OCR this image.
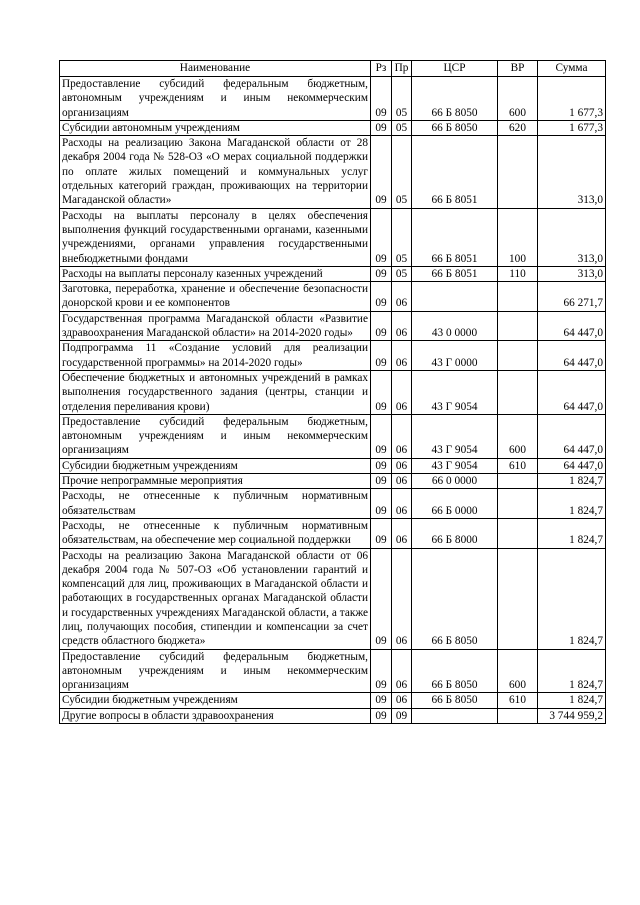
Наименование	Рз	Пр	ЦСР	ВР	Сумма
Предоставление субсидий федеральным бюджетным, автономным учреждениям и иным некоммерческим организациям	09	05	66 Б 8050	600	1 677,3
Субсидии автономным учреждениям	09	05	66 Б 8050	620	1 677,3
Расходы на реализацию Закона Магаданской области от 28 декабря 2004 года № 528-ОЗ «О мерах социальной поддержки по оплате жилых помещений и коммунальных услуг отдельных категорий граждан, проживающих на территории Магаданской области»	09	05	66 Б 8051		313,0
Расходы на выплаты персоналу в целях обеспечения выполнения функций государственными органами, казенными учреждениями, органами управления государственными внебюджетными фондами	09	05	66 Б 8051	100	313,0
Расходы на выплаты персоналу казенных учреждений	09	05	66 Б 8051	110	313,0
Заготовка, переработка, хранение и обеспечение безопасности донорской крови и ее компонентов	09	06			66 271,7
Государственная программа Магаданской области «Развитие здравоохранения Магаданской области» на 2014-2020 годы»	09	06	43 0 0000		64 447,0
Подпрограмма 11 «Создание условий для реализации государственной программы» на 2014-2020 годы»	09	06	43 Г 0000		64 447,0
Обеспечение бюджетных и автономных учреждений в рамках выполнения государственного задания (центры, станции и отделения переливания крови)	09	06	43 Г 9054		64 447,0
Предоставление субсидий федеральным бюджетным, автономным учреждениям и иным некоммерческим организациям	09	06	43 Г 9054	600	64 447,0
Субсидии бюджетным учреждениям	09	06	43 Г 9054	610	64 447,0
Прочие непрограммные мероприятия	09	06	66 0 0000		1 824,7
Расходы, не отнесенные к публичным нормативным обязательствам	09	06	66 Б 0000		1 824,7
Расходы, не отнесенные к публичным нормативным обязательствам, на обеспечение мер социальной поддержки	09	06	66 Б 8000		1 824,7
Расходы на реализацию Закона Магаданской области от 06 декабря 2004 года № 507-ОЗ «Об установлении гарантий и компенсаций для лиц, проживающих в Магаданской области и работающих в государственных органах Магаданской области и государственных учреждениях Магаданской области, а также лиц, получающих пособия, стипендии и компенсации за счет средств областного бюджета»	09	06	66 Б 8050		1 824,7
Предоставление субсидий федеральным бюджетным, автономным учреждениям и иным некоммерческим организациям	09	06	66 Б 8050	600	1 824,7
Субсидии бюджетным учреждениям	09	06	66 Б 8050	610	1 824,7
Другие вопросы в области здравоохранения	09	09			3 744 959,2
